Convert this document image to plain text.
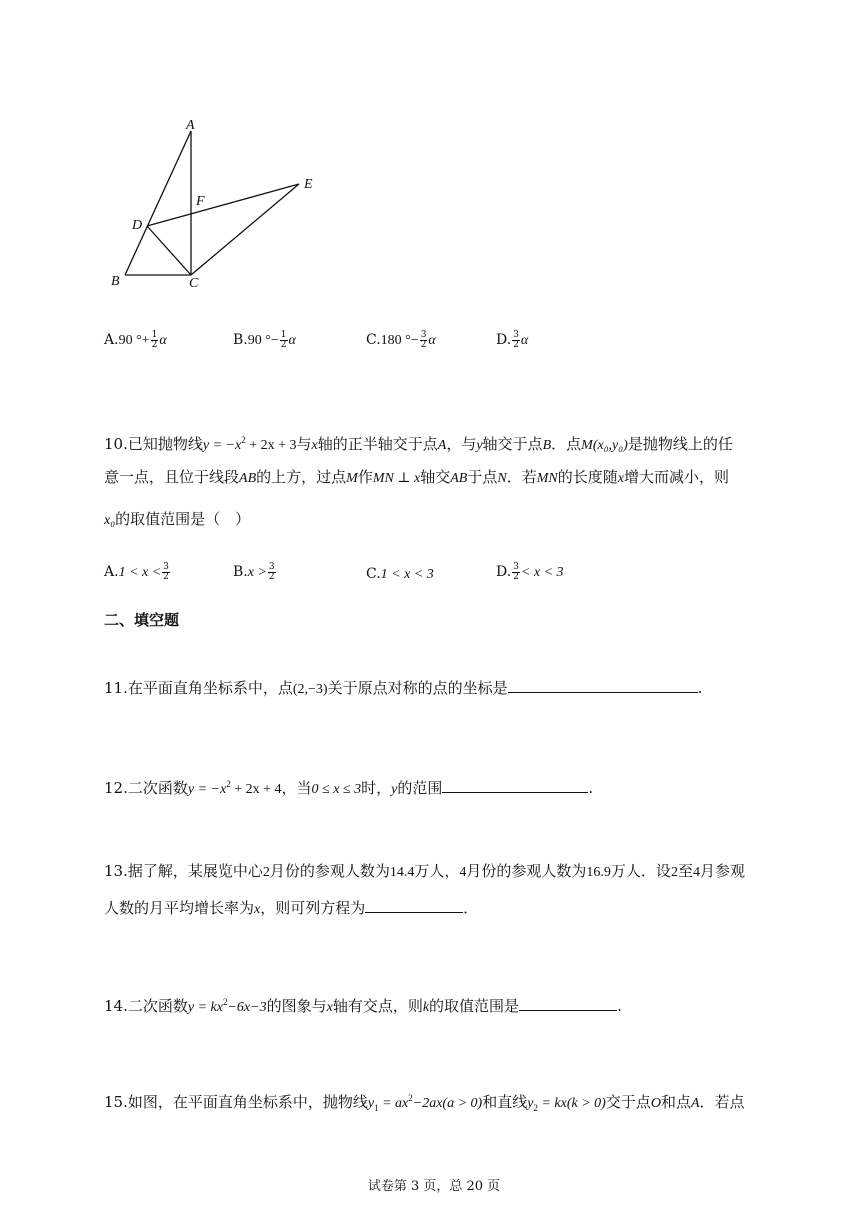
A
F
E
D
B	C
A.90 °+ $\frac{1}{2}$ α	B.90 °− $\frac{1}{2}$ α	C.180 °− $\frac{3}{2}$ α	D. $\frac{3}{2}$ α
10.已知抛物线$y = -x^2 + 2x + 3$与x轴的正半轴交于点A，与y轴交于点B．点M(x₀,y₀)是抛物线上的任
意一点，且位于线段AB的上方，过点M作MN ⊥ x轴交AB于点N．若MN的长度随x增大而减小，则
x₀的取值范围是（　）
$A.1 < x < \frac{3}{2}$	$B.x > \frac{3}{2}$	C.1 < x < 3	D. $\frac{3}{2} < x < 3$
二、填空题
11.在平面直角坐标系中，点(2,−3)关于原点对称的点的坐标是	.
12.二次函数$y = -x^2 + 2x + 4$，当0 ≤ x ≤ 3时，y的范围	.
13.据了解，某展览中心2月份的参观人数为14.4万人，4月份的参观人数为16.9万人．设2至4月参观
人数的月平均增长率为x，则可列方程为	．
14.二次函数$y = kx^2-6x-3$的图象与x轴有交点，则k的取值范围是	.
15.如图，在平面直角坐标系中，抛物线$y_1 = ax^2-2ax(a > 0)$和直线$y_2 = kx(k > 0)$交于点O和点A．若点
试卷第 3 页，总 20 页
